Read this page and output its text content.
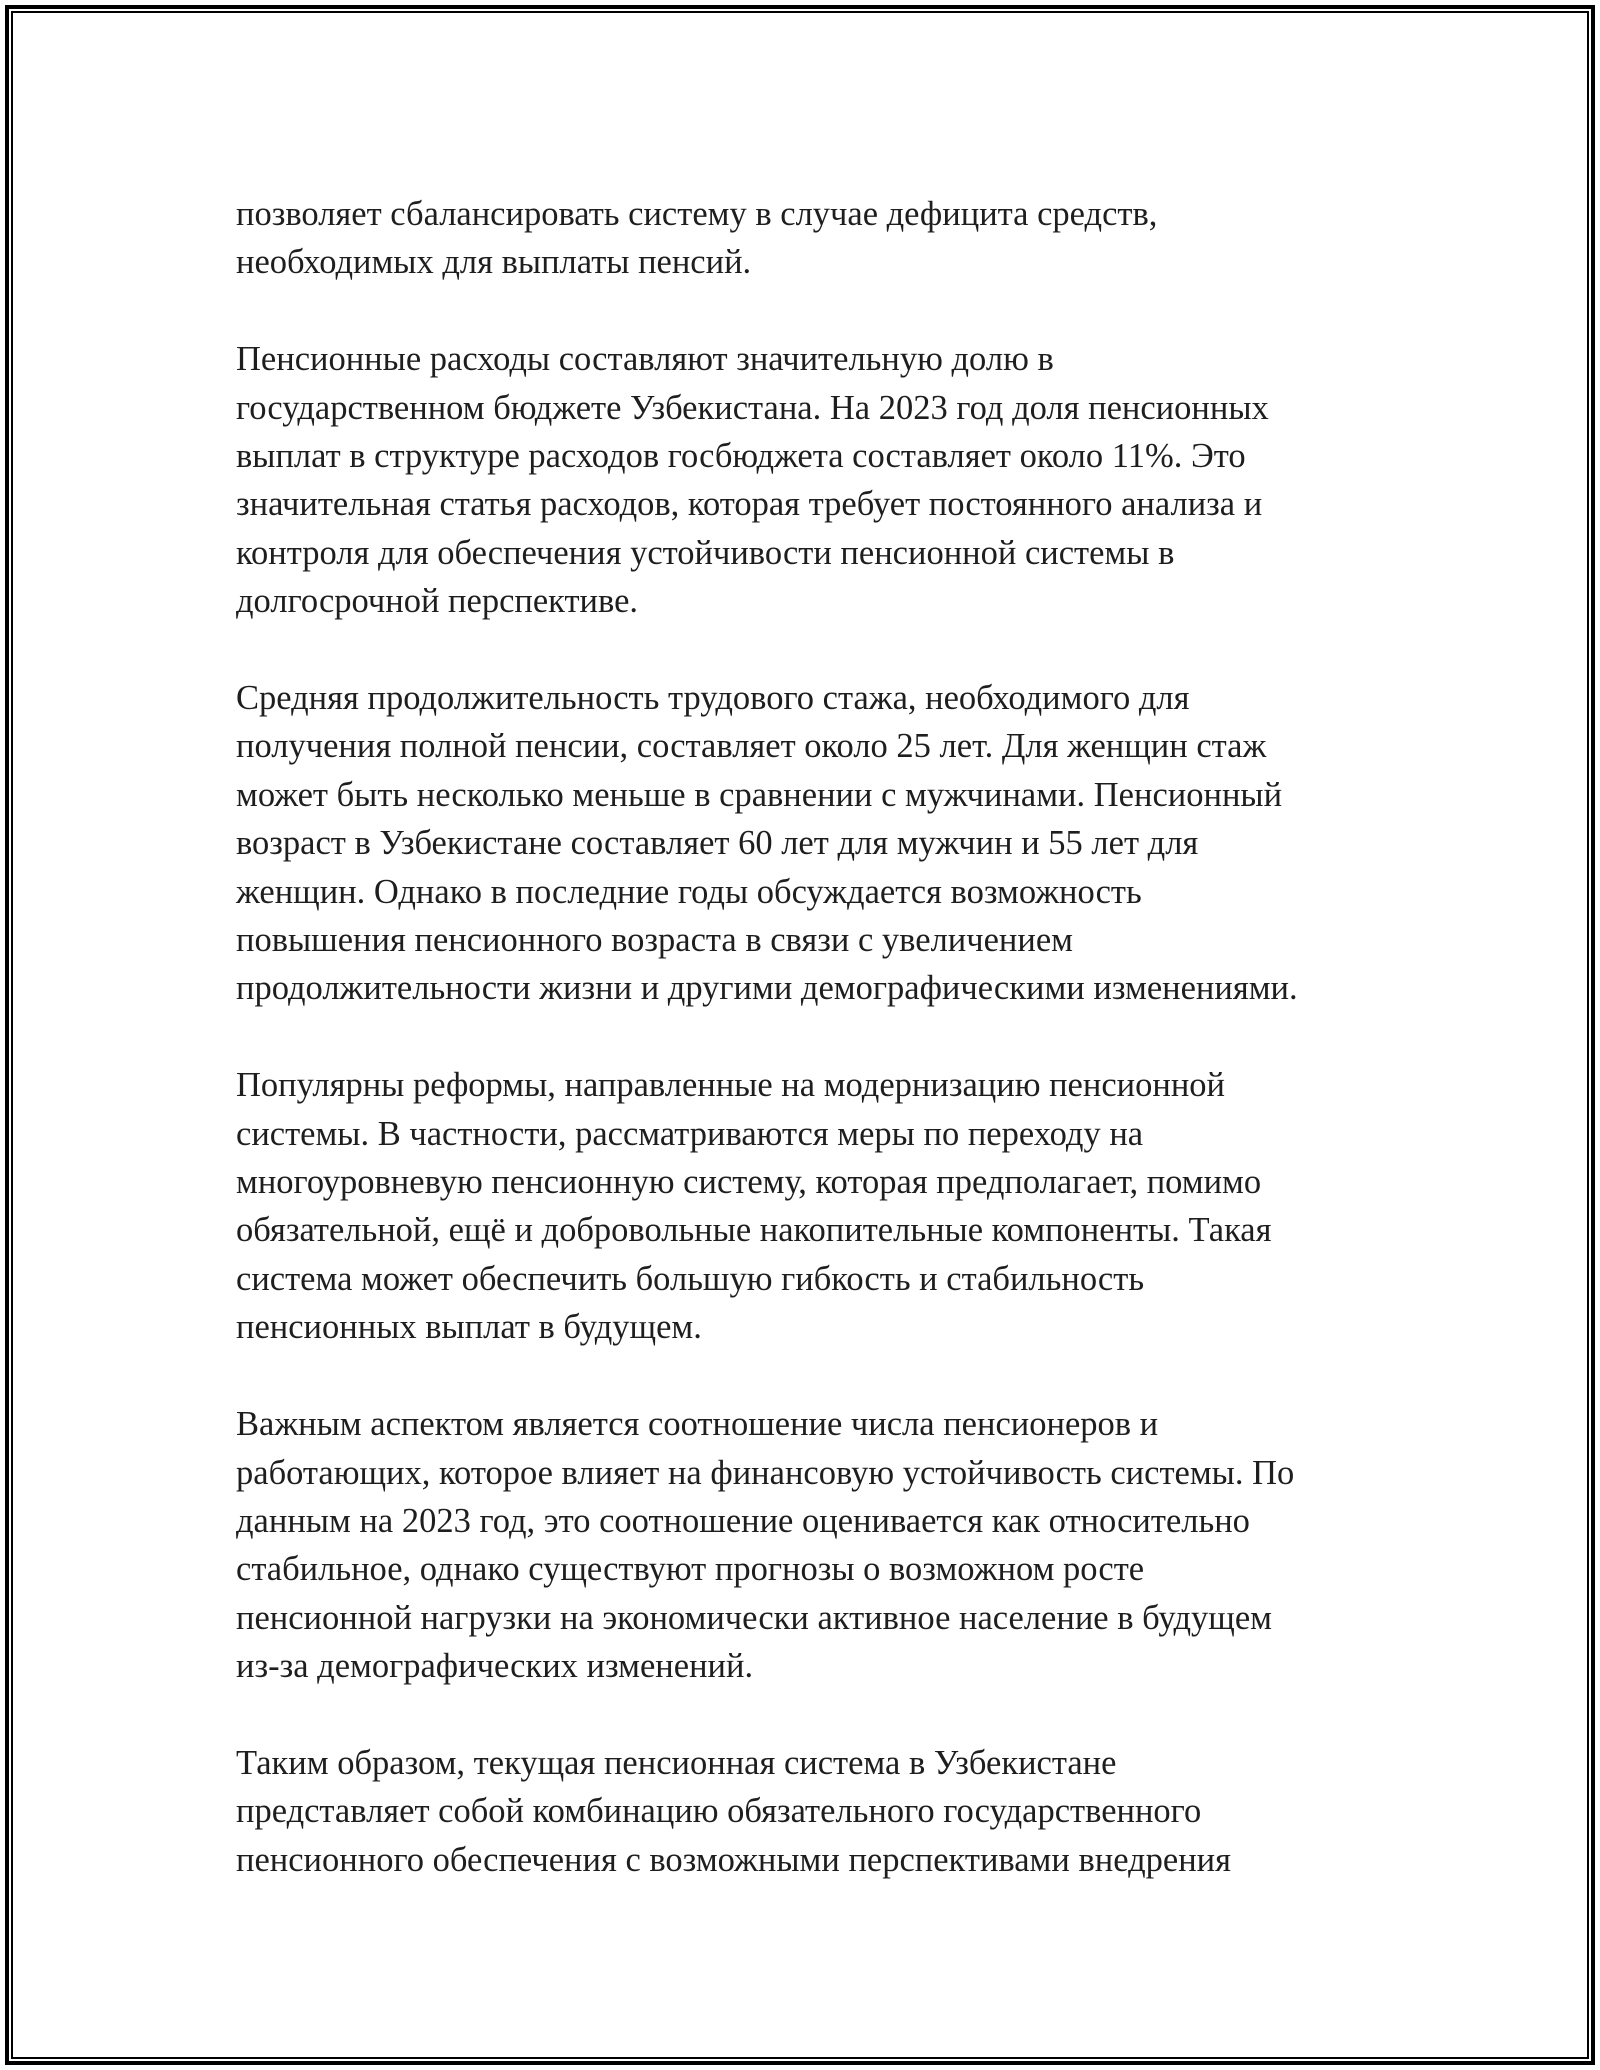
позволяет сбалансировать систему в случае дефицита средств,
необходимых для выплаты пенсий.
Пенсионные расходы составляют значительную долю в
государственном бюджете Узбекистана. На 2023 год доля пенсионных
выплат в структуре расходов госбюджета составляет около 11%. Это
значительная статья расходов, которая требует постоянного анализа и
контроля для обеспечения устойчивости пенсионной системы в
долгосрочной перспективе.
Средняя продолжительность трудового стажа, необходимого для
получения полной пенсии, составляет около 25 лет. Для женщин стаж
может быть несколько меньше в сравнении с мужчинами. Пенсионный
возраст в Узбекистане составляет 60 лет для мужчин и 55 лет для
женщин. Однако в последние годы обсуждается возможность
повышения пенсионного возраста в связи с увеличением
продолжительности жизни и другими демографическими изменениями.
Популярны реформы, направленные на модернизацию пенсионной
системы. В частности, рассматриваются меры по переходу на
многоуровневую пенсионную систему, которая предполагает, помимо
обязательной, ещё и добровольные накопительные компоненты. Такая
система может обеспечить большую гибкость и стабильность
пенсионных выплат в будущем.
Важным аспектом является соотношение числа пенсионеров и
работающих, которое влияет на финансовую устойчивость системы. По
данным на 2023 год, это соотношение оценивается как относительно
стабильное, однако существуют прогнозы о возможном росте
пенсионной нагрузки на экономически активное население в будущем
из-за демографических изменений.
Таким образом, текущая пенсионная система в Узбекистане
представляет собой комбинацию обязательного государственного
пенсионного обеспечения с возможными перспективами внедрения
